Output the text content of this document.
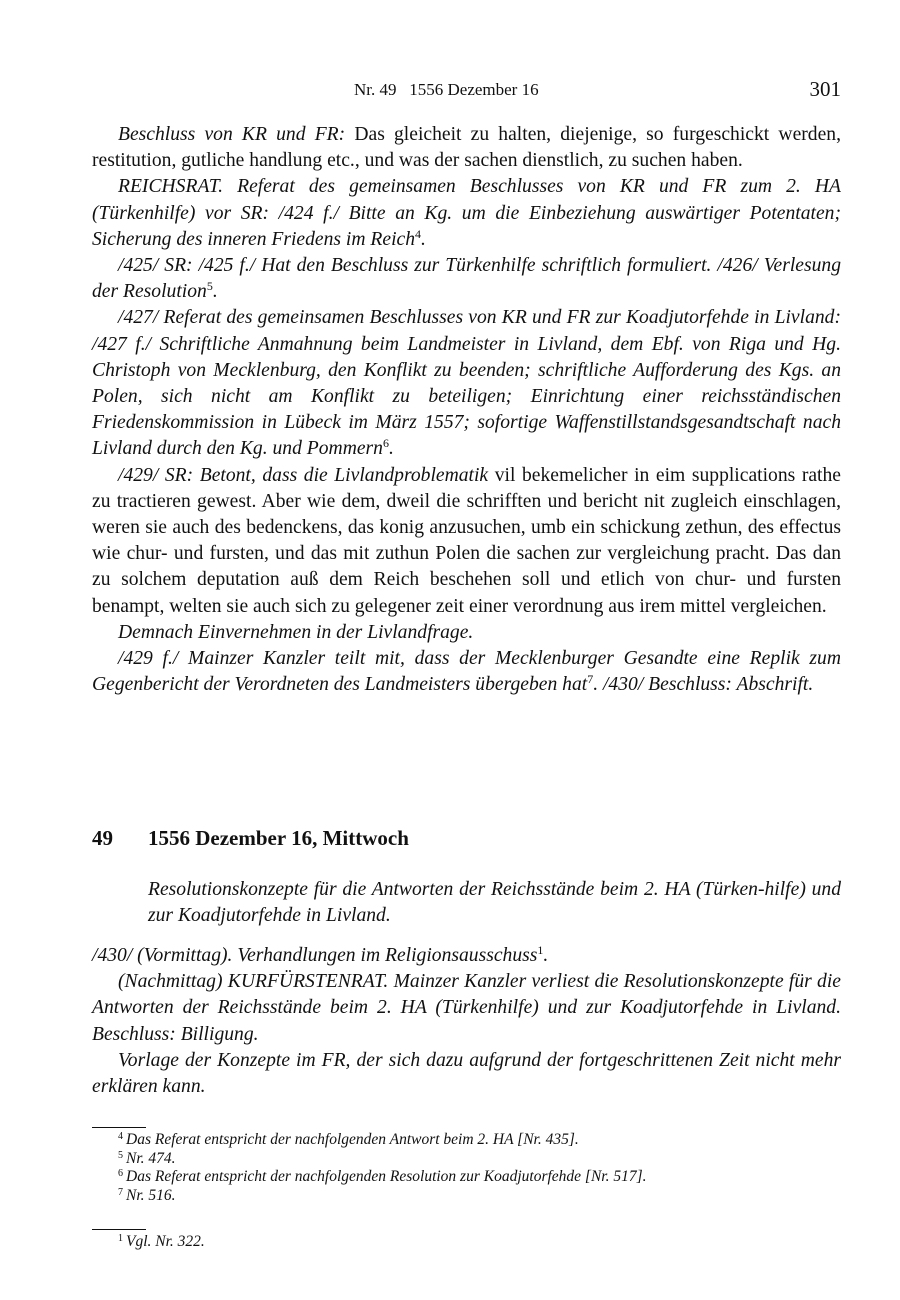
Nr. 49 1556 Dezember 16	301

Beschluss von KR und FR: Das gleicheit zu halten, diejenige, so furgeschickt werden, restitution, gutliche handlung etc., und was der sachen dienstlich, zu suchen haben.

REICHSRAT. Referat des gemeinsamen Beschlusses von KR und FR zum 2. HA (Türkenhilfe) vor SR: /424 f./ Bitte an Kg. um die Einbeziehung auswärtiger Potentaten; Sicherung des inneren Friedens im Reich$^4$.

/425/ SR: /425 f./ Hat den Beschluss zur Türkenhilfe schriftlich formuliert. /426/ Verlesung der Resolution$^5$.

/427/ Referat des gemeinsamen Beschlusses von KR und FR zur Koadjutorfehde in Livland: /427 f./ Schriftliche Anmahnung beim Landmeister in Livland, dem Ebf. von Riga und Hg. Christoph von Mecklenburg, den Konflikt zu beenden; schriftliche Aufforderung des Kgs. an Polen, sich nicht am Konflikt zu beteiligen; Einrichtung einer reichsständischen Friedenskommission in Lübeck im März 1557; sofortige Waffenstillstandsgesandtschaft nach Livland durch den Kg. und Pommern$^6$.

/429/ SR: Betont, dass die Livlandproblematik vil bekemelicher in eim supplications rathe zu tractieren gewest. Aber wie dem, dweil die schrifften und bericht nit zugleich einschlagen, weren sie auch des bedenckens, das konig anzusuchen, umb ein schickung zethun, des effectus wie chur- und fursten, und das mit zuthun Polen die sachen zur vergleichung pracht. Das dan zu solchem deputation auß dem Reich beschehen soll und etlich von chur- und fursten benampt, welten sie auch sich zu gelegener zeit einer verordnung aus irem mittel vergleichen.

Demnach Einvernehmen in der Livlandfrage.

/429 f./ Mainzer Kanzler teilt mit, dass der Mecklenburger Gesandte eine Replik zum Gegenbericht der Verordneten des Landmeisters übergeben hat$^7$. /430/ Beschluss: Abschrift.

49 1556 Dezember 16, Mittwoch
Resolutionskonzepte für die Antworten der Reichsstände beim 2. HA (Türken-hilfe) und zur Koadjutorfehde in Livland.

/430/ (Vormittag). Verhandlungen im Religionsausschuss$^1$.

(Nachmittag) KURFÜRSTENRAT. Mainzer Kanzler verliest die Resolutionskonzepte für die Antworten der Reichsstände beim 2. HA (Türkenhilfe) und zur Koadjutorfehde in Livland. Beschluss: Billigung.

Vorlage der Konzepte im FR, der sich dazu aufgrund der fortgeschrittenen Zeit nicht mehr erklären kann.

$^4$ Das Referat entspricht der nachfolgenden Antwort beim 2. HA [Nr. 435].
$^5$ Nr. 474.
$^6$ Das Referat entspricht der nachfolgenden Resolution zur Koadjutorfehde [Nr. 517].
$^7$ Nr. 516.
$^1$ Vgl. Nr. 322.
